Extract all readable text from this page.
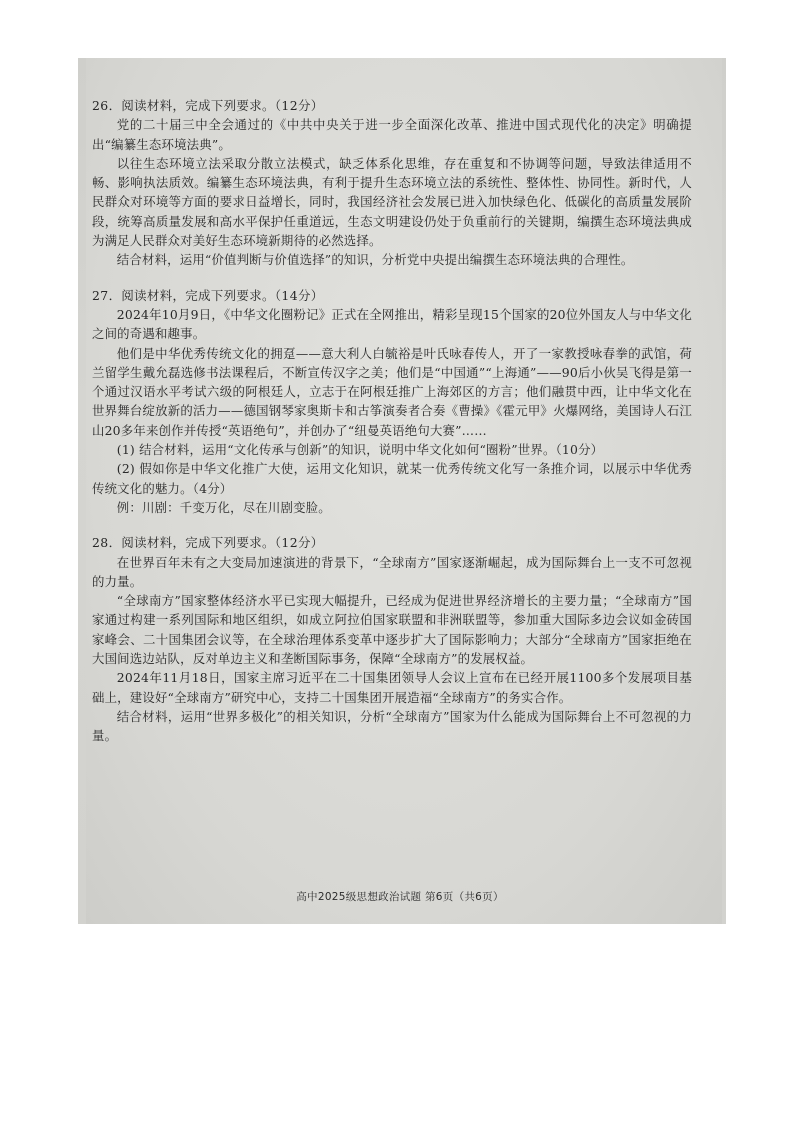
26．阅读材料，完成下列要求。（12分）

党的二十届三中全会通过的《中共中央关于进一步全面深化改革、推进中国式现代化的决定》明确提出“编纂生态环境法典”。

以往生态环境立法采取分散立法模式，缺乏体系化思维，存在重复和不协调等问题，导致法律适用不畅、影响执法质效。编纂生态环境法典，有利于提升生态环境立法的系统性、整体性、协同性。新时代，人民群众对环境等方面的要求日益增长，同时，我国经济社会发展已进入加快绿色化、低碳化的高质量发展阶段，统筹高质量发展和高水平保护任重道远，生态文明建设仍处于负重前行的关键期，编撰生态环境法典成为满足人民群众对美好生态环境新期待的必然选择。

结合材料，运用“价值判断与价值选择”的知识，分析党中央提出编撰生态环境法典的合理性。

27．阅读材料，完成下列要求。（14分）

2024年10月9日，《中华文化圈粉记》正式在全网推出，精彩呈现15个国家的20位外国友人与中华文化之间的奇遇和趣事。

他们是中华优秀传统文化的拥趸——意大利人白毓裕是叶氏咏春传人，开了一家教授咏春拳的武馆，荷兰留学生戴允磊选修书法课程后，不断宣传汉字之美；他们是“中国通”“上海通”——90后小伙吴飞得是第一个通过汉语水平考试六级的阿根廷人，立志于在阿根廷推广上海郊区的方言；他们融贯中西，让中华文化在世界舞台绽放新的活力——德国钢琴家奥斯卡和古筝演奏者合奏《曹操》《霍元甲》火爆网络，美国诗人石江山20多年来创作并传授“英语绝句”，并创办了“纽曼英语绝句大赛”……

(1) 结合材料，运用“文化传承与创新”的知识，说明中华文化如何“圈粉”世界。（10分）

(2) 假如你是中华文化推广大使，运用文化知识，就某一优秀传统文化写一条推介词，以展示中华优秀传统文化的魅力。（4分）

例：川剧：千变万化，尽在川剧变脸。

28．阅读材料，完成下列要求。（12分）

在世界百年未有之大变局加速演进的背景下，“全球南方”国家逐渐崛起，成为国际舞台上一支不可忽视的力量。

“全球南方”国家整体经济水平已实现大幅提升，已经成为促进世界经济增长的主要力量；“全球南方”国家通过构建一系列国际和地区组织，如成立阿拉伯国家联盟和非洲联盟等，参加重大国际多边会议如金砖国家峰会、二十国集团会议等，在全球治理体系变革中逐步扩大了国际影响力；大部分“全球南方”国家拒绝在大国间选边站队，反对单边主义和垄断国际事务，保障“全球南方”的发展权益。

2024年11月18日，国家主席习近平在二十国集团领导人会议上宣布在已经开展1100多个发展项目基础上，建设好“全球南方”研究中心，支持二十国集团开展造福“全球南方”的务实合作。

结合材料，运用“世界多极化”的相关知识，分析“全球南方”国家为什么能成为国际舞台上不可忽视的力量。

高中2025级思想政治试题 第6页（共6页）
